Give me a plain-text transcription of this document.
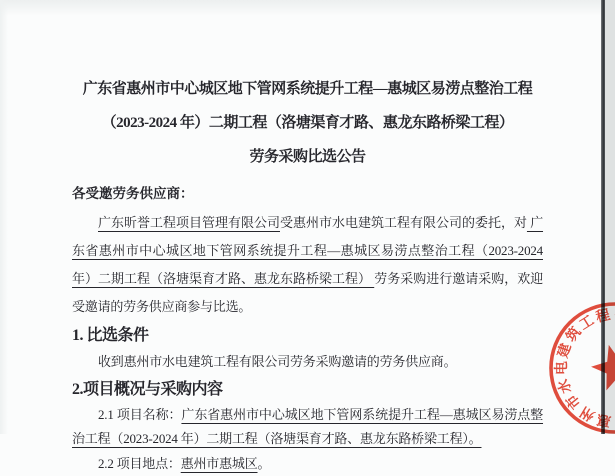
广东省惠州市中心城区地下管网系统提升工程—惠城区易涝点整治工程
（2023-2024 年）二期工程（洛塘渠育才路、惠龙东路桥梁工程）
劳务采购比选公告
各受邀劳务供应商：

广东昕誉工程项目管理有限公司受惠州市水电建筑工程有限公司的委托，对 广东省惠州市中心城区地下管网系统提升工程—惠城区易涝点整治工程（2023-2024 年）二期工程（洛塘渠育才路、惠龙东路桥梁工程） 劳务采购进行邀请采购，欢迎受邀请的劳务供应商参与比选。

1. 比选条件
收到惠州市水电建筑工程有限公司劳务采购邀请的劳务供应商。
2.项目概况与采购内容

2.1 项目名称：广东省惠州市中心城区地下管网系统提升工程—惠城区易涝点整治工程（2023-2024 年）二期工程（洛塘渠育才路、惠龙东路桥梁工程）。

2.2 项目地点：惠州市惠城区。

惠
州
市
水
电
建
筑
工
程
